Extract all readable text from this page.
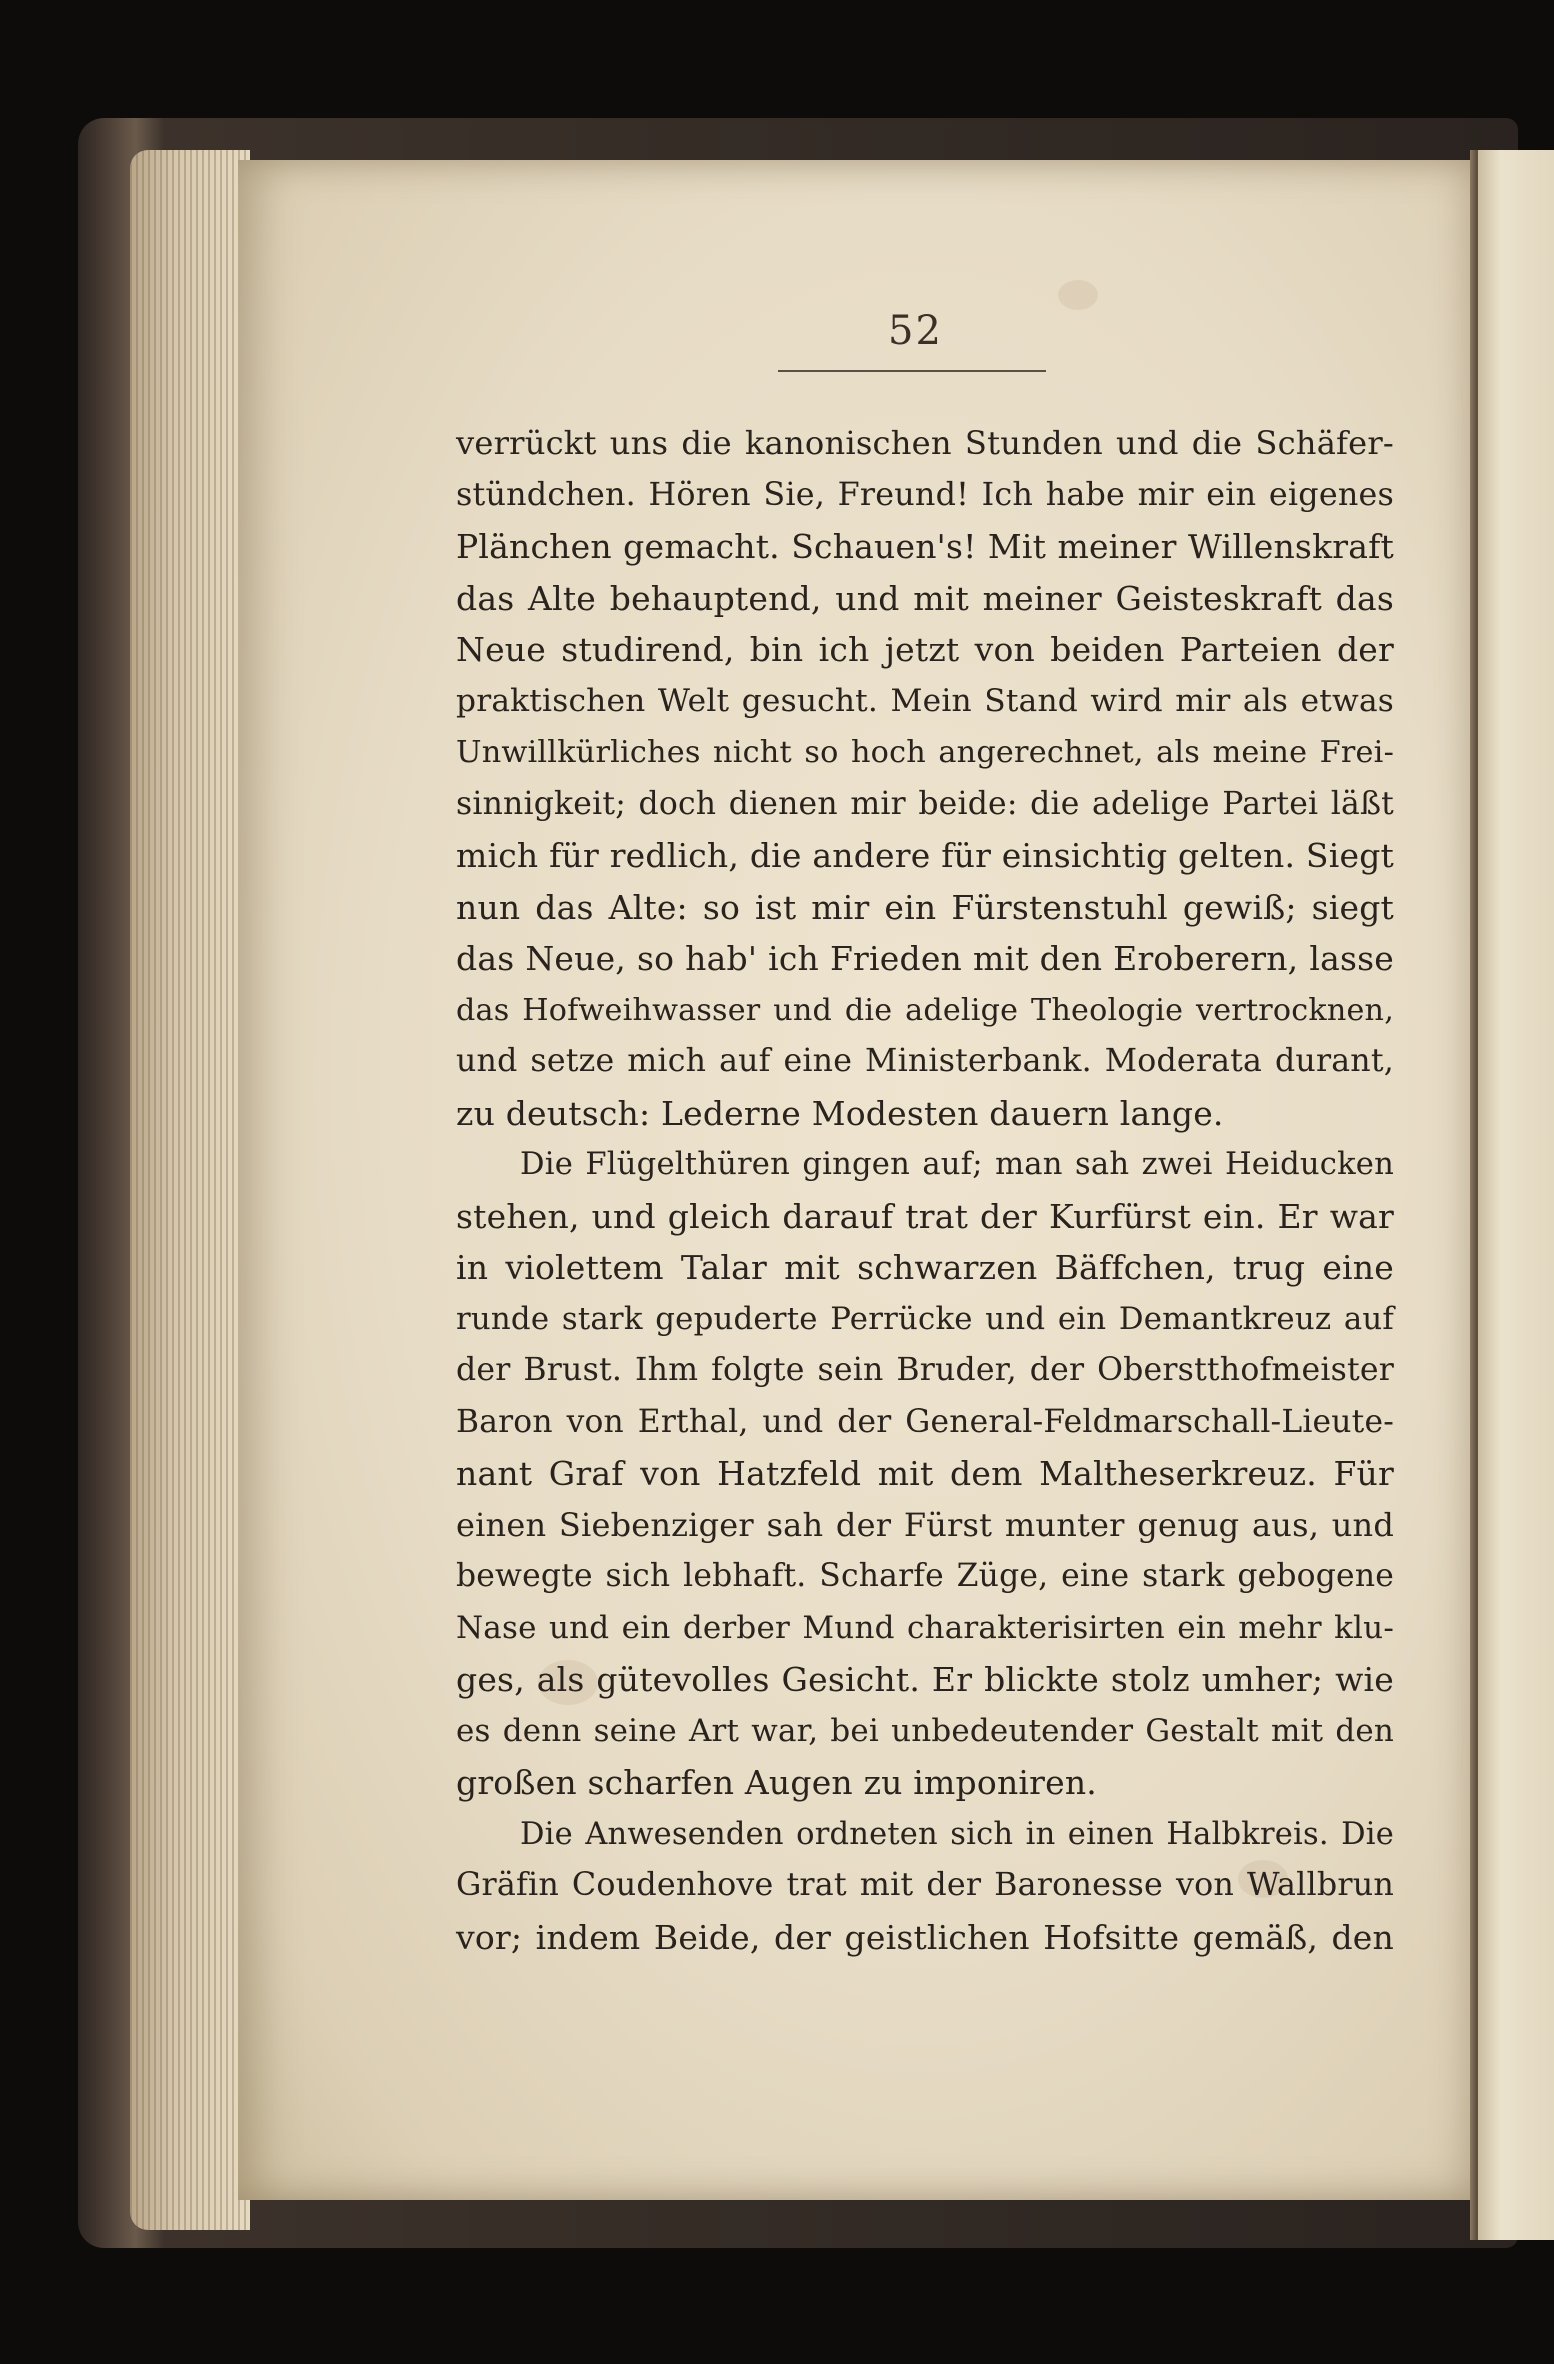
52
verrückt uns die kanonischen Stunden und die Schäfer-
stündchen. Hören Sie, Freund! Ich habe mir ein eigenes
Plänchen gemacht. Schauen's! Mit meiner Willenskraft
das Alte behauptend, und mit meiner Geisteskraft das
Neue studirend, bin ich jetzt von beiden Parteien der
praktischen Welt gesucht. Mein Stand wird mir als etwas
Unwillkürliches nicht so hoch angerechnet, als meine Frei-
sinnigkeit; doch dienen mir beide: die adelige Partei läßt
mich für redlich, die andere für einsichtig gelten. Siegt
nun das Alte: so ist mir ein Fürstenstuhl gewiß; siegt
das Neue, so hab' ich Frieden mit den Eroberern, lasse
das Hofweihwasser und die adelige Theologie vertrocknen,
und setze mich auf eine Ministerbank. Moderata durant,
zu deutsch: Lederne Modesten dauern lange.
Die Flügelthüren gingen auf; man sah zwei Heiducken
stehen, und gleich darauf trat der Kurfürst ein. Er war
in violettem Talar mit schwarzen Bäffchen, trug eine
runde stark gepuderte Perrücke und ein Demantkreuz auf
der Brust. Ihm folgte sein Bruder, der Oberstthofmeister
Baron von Erthal, und der General-Feldmarschall-Lieute-
nant Graf von Hatzfeld mit dem Maltheserkreuz. Für
einen Siebenziger sah der Fürst munter genug aus, und
bewegte sich lebhaft. Scharfe Züge, eine stark gebogene
Nase und ein derber Mund charakterisirten ein mehr klu-
ges, als gütevolles Gesicht. Er blickte stolz umher; wie
es denn seine Art war, bei unbedeutender Gestalt mit den
großen scharfen Augen zu imponiren.
Die Anwesenden ordneten sich in einen Halbkreis. Die
Gräfin Coudenhove trat mit der Baronesse von Wallbrun
vor; indem Beide, der geistlichen Hofsitte gemäß, den
